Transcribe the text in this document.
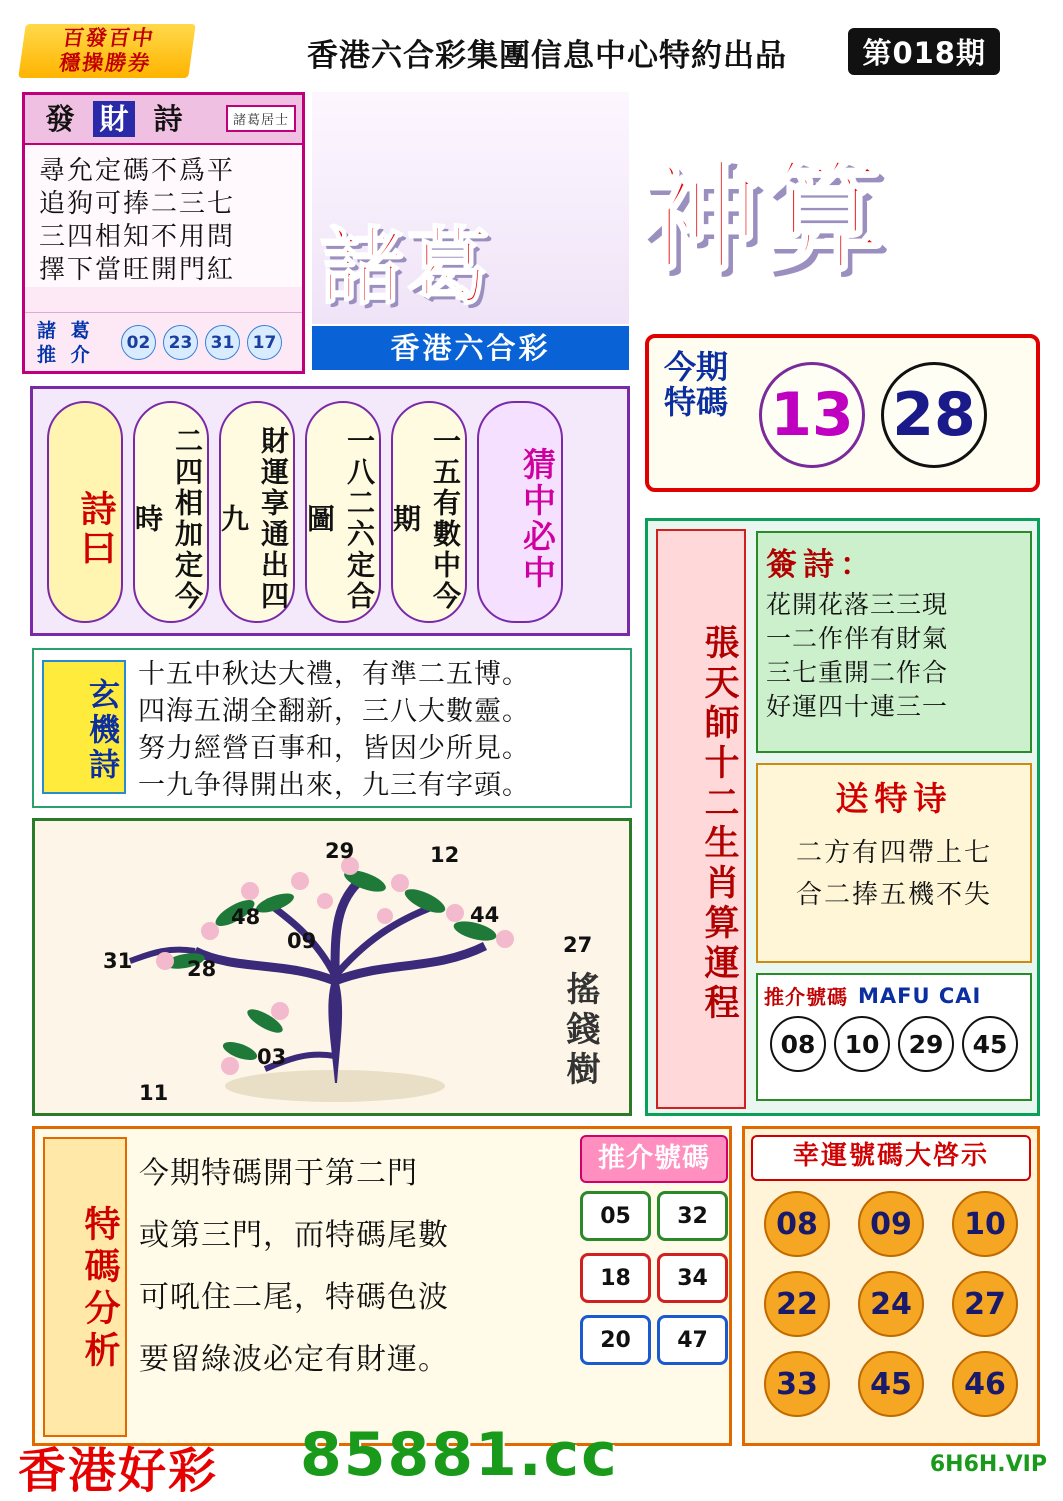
百發百中
穩操勝券	香港六合彩集團信息中心特約出品	第018期
發 財 詩	諸葛居士
尋允定碼不爲平
追狗可捧二三七
三四相知不用問
擇下當旺開門紅
諸 葛
推 介
02	23	31	17
諸葛 神算
香港六合彩	今期特碼 13 28
詩曰	二四相加定今時	財運享通出四九	一八二六定合圖	一五有數中今期	猜中必中
玄機詩
十五中秋达大禮，有準二五博。
四海五湖全翻新，三八大數靈。
努力經營百事和，皆因少所見。
一九争得開出來，九三有字頭。
29	12
48	44
09	27
31	28
03
11
搖錢樹
張天師十二生肖算運程
簽詩：
花開花落三三現
一二作伴有財氣
三七重開二作合
好運四十連三一
送特诗
二方有四帶上七
合二捧五機不失
推介號碼 MAFU CAI
08	10	29	45
特碼分析
今期特碼開于第二門
或第三門，而特碼尾數
可吼住二尾，特碼色波
要留綠波必定有財運。
推介號碼
05	32
18	34
20	47
幸運號碼大啓示
08	09	10
22	24	27
33	45	46
香港好彩 85881.cc	6H6H.VIP
